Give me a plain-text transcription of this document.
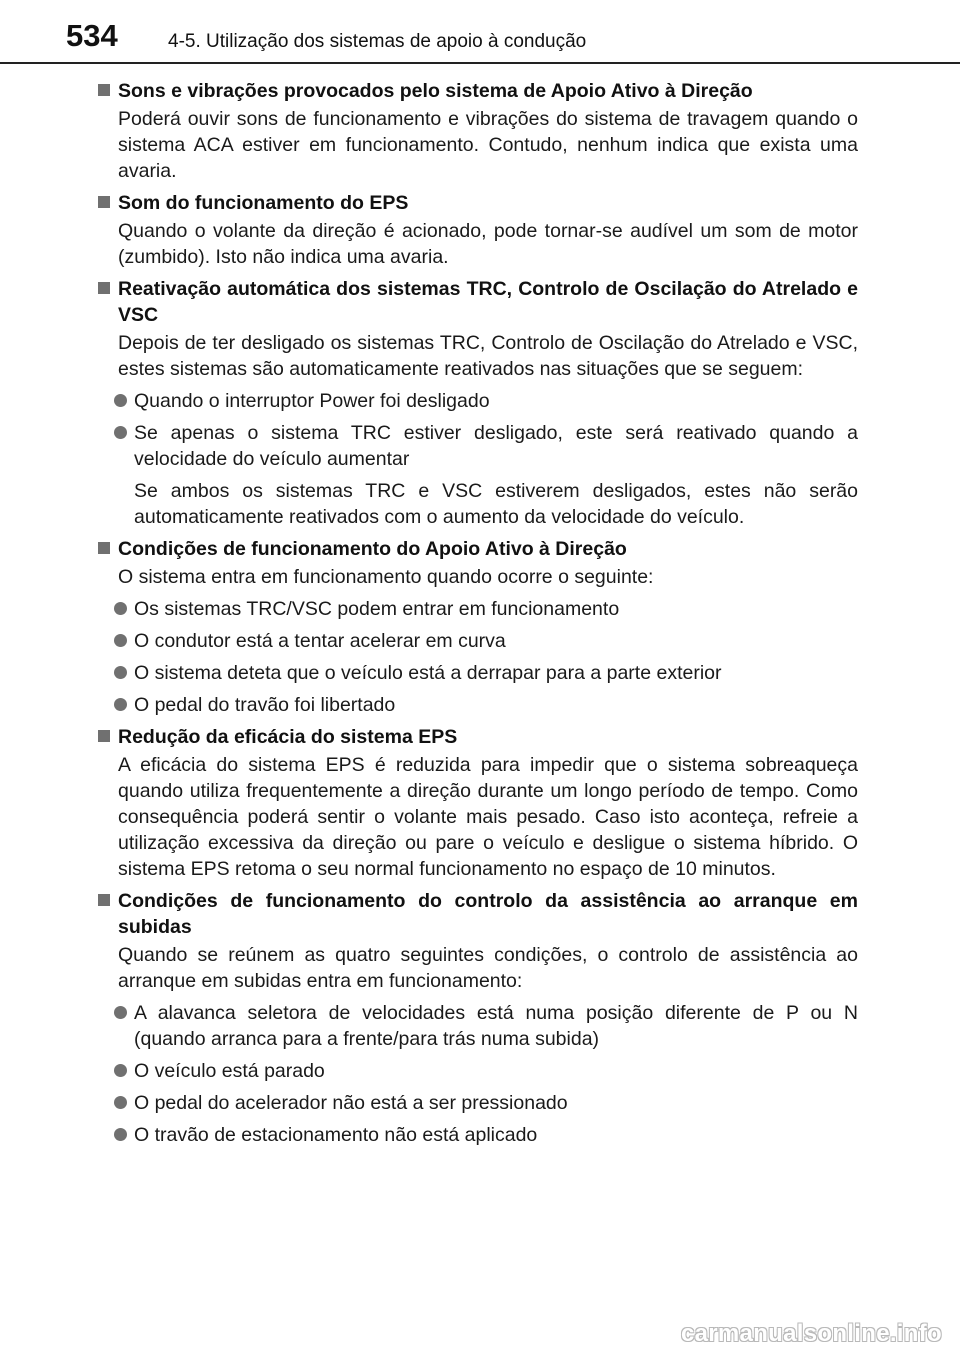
534	4-5. Utilização dos sistemas de apoio à condução
Sons e vibrações provocados pelo sistema de Apoio Ativo à Direção
Poderá ouvir sons de funcionamento e vibrações do sistema de travagem quando o sistema ACA estiver em funcionamento. Contudo, nenhum indica que exista uma avaria.
Som do funcionamento do EPS
Quando o volante da direção é acionado, pode tornar-se audível um som de motor (zumbido). Isto não indica uma avaria.
Reativação automática dos sistemas TRC, Controlo de Oscilação do Atrelado e VSC
Depois de ter desligado os sistemas TRC, Controlo de Oscilação do Atrelado e VSC, estes sistemas são automaticamente reativados nas situações que se seguem:
Quando o interruptor Power foi desligado
Se apenas o sistema TRC estiver desligado, este será reativado quando a velocidade do veículo aumentar
Se ambos os sistemas TRC e VSC estiverem desligados, estes não serão automaticamente reativados com o aumento da velocidade do veículo.
Condições de funcionamento do Apoio Ativo à Direção
O sistema entra em funcionamento quando ocorre o seguinte:
Os sistemas TRC/VSC podem entrar em funcionamento
O condutor está a tentar acelerar em curva
O sistema deteta que o veículo está a derrapar para a parte exterior
O pedal do travão foi libertado
Redução da eficácia do sistema EPS
A eficácia do sistema EPS é reduzida para impedir que o sistema sobreaqueça quando utiliza frequentemente a direção durante um longo período de tempo. Como consequência poderá sentir o volante mais pesado. Caso isto aconteça, refreie a utilização excessiva da direção ou pare o veículo e desligue o sistema híbrido. O sistema EPS retoma o seu normal funcionamento no espaço de 10 minutos.
Condições de funcionamento do controlo da assistência ao arranque em subidas
Quando se reúnem as quatro seguintes condições, o controlo de assistência ao arranque em subidas entra em funcionamento:
A alavanca seletora de velocidades está numa posição diferente de P ou N (quando arranca para a frente/para trás numa subida)
O veículo está parado
O pedal do acelerador não está a ser pressionado
O travão de estacionamento não está aplicado
carmanualsonline.info
